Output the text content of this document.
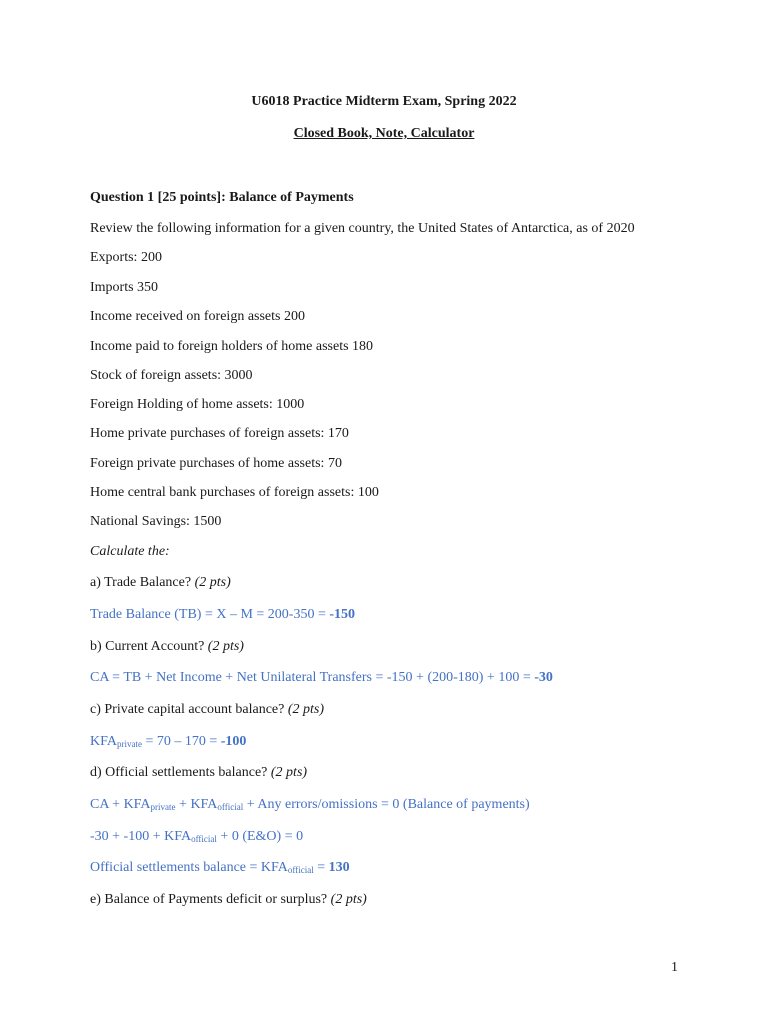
U6018 Practice Midterm Exam, Spring 2022
Closed Book, Note, Calculator
Question 1 [25 points]: Balance of Payments
Review the following information for a given country, the United States of Antarctica, as of 2020
Exports: 200
Imports 350
Income received on foreign assets 200
Income paid to foreign holders of home assets 180
Stock of foreign assets: 3000
Foreign Holding of home assets: 1000
Home private purchases of foreign assets: 170
Foreign private purchases of home assets: 70
Home central bank purchases of foreign assets: 100
National Savings: 1500
Calculate the:
a) Trade Balance? (2 pts)
Trade Balance (TB) = X – M = 200-350 = -150
b) Current Account? (2 pts)
CA = TB + Net Income + Net Unilateral Transfers = -150 + (200-180) + 100 = -30
c) Private capital account balance? (2 pts)
$KFA_{private} = 70 - 170 = -100$
d) Official settlements balance? (2 pts)
CA + $KFA_{private} + KFA_{official}$ + Any errors/omissions = 0 (Balance of payments)
$-30 + -100 + KFA_{official} + 0$ (E&O) = 0
Official settlements balance = $KFA_{official} = 130$
e) Balance of Payments deficit or surplus? (2 pts)
1
